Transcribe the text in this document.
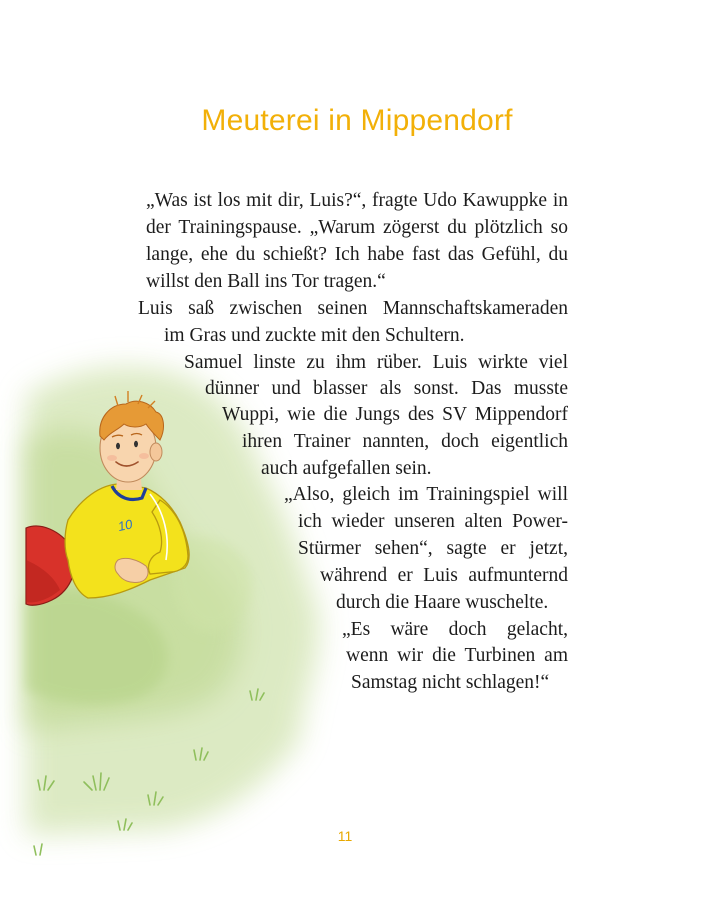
10
Meuterei in Mippendorf
„Was ist los mit dir, Luis?“, fragte Udo Kawuppke in
der Trainingspause. „Warum zögerst du plötzlich so
lange, ehe du schießt? Ich habe fast das Gefühl, du
willst den Ball ins Tor tragen.“
Luis saß zwischen seinen Mannschaftskameraden
im Gras und zuckte mit den Schultern.
Samuel linste zu ihm rüber. Luis wirkte viel
dünner und blasser als sonst. Das musste
Wuppi, wie die Jungs des SV Mippendorf
ihren Trainer nannten, doch eigentlich
auch aufgefallen sein.
„Also, gleich im Trainingspiel will
ich wieder unseren alten Power-
Stürmer sehen“, sagte er jetzt,
während er Luis aufmunternd
durch die Haare wuschelte.
„Es wäre doch gelacht,
wenn wir die Turbinen am
Samstag nicht schlagen!“
11
